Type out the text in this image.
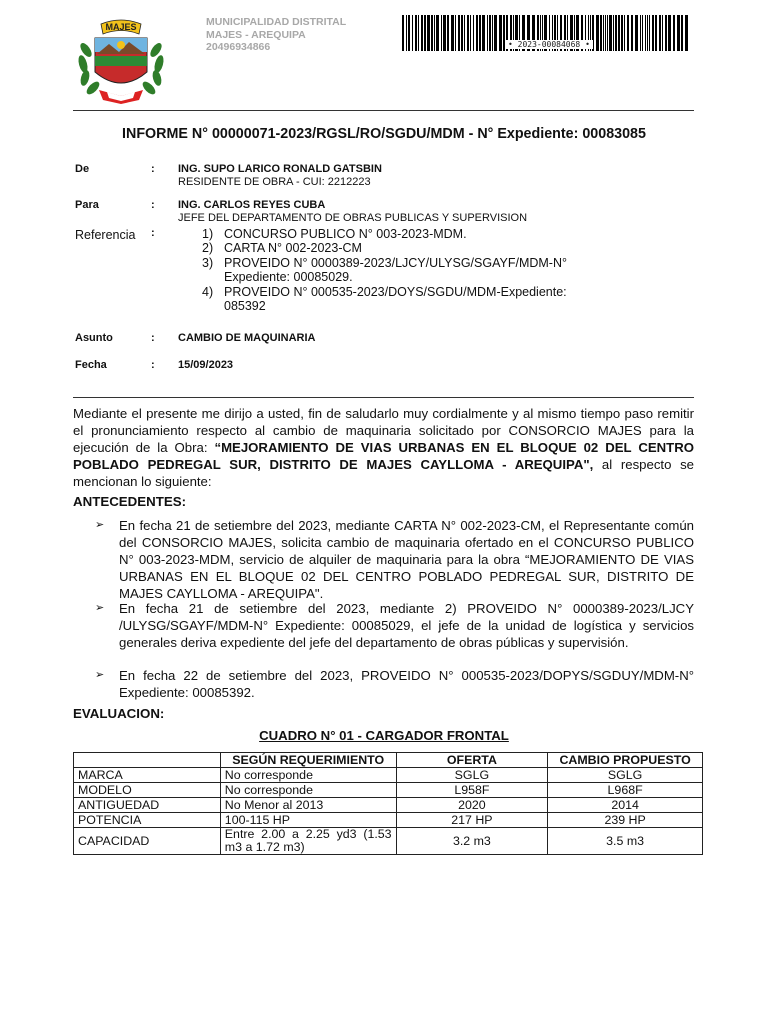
MAJES	MUNICIPALIDAD DISTRITAL
MAJES - AREQUIPA
20496934866	• 2023-00084068 •
INFORME N° 00000071-2023/RGSL/RO/SGDU/MDM - N° Expediente: 00083085
De	: ING. SUPO LARICO RONALD GATSBIN
RESIDENTE DE OBRA - CUI: 2212223
Para	: ING. CARLOS REYES CUBA
JEFE DEL DEPARTAMENTO DE OBRAS PUBLICAS Y SUPERVISION
Referencia :	1) CONCURSO PUBLICO N° 003-2023-MDM.
2) CARTA N° 002-2023-CM
3) PROVEIDO N° 0000389-2023/LJCY/ULYSG/SGAYF/MDM-N°
Expediente: 00085029.
4) PROVEIDO N° 000535-2023/DOYS/SGDU/MDM-Expediente:
085392
Asunto	: CAMBIO DE MAQUINARIA
Fecha	: 15/09/2023

Mediante el presente me dirijo a usted, fin de saludarlo muy cordialmente y al mismo tiempo paso remitir el pronunciamiento respecto al cambio de maquinaria solicitado por CONSORCIO MAJES para la ejecución de la Obra: “MEJORAMIENTO DE VIAS URBANAS EN EL BLOQUE 02 DEL CENTRO POBLADO PEDREGAL SUR, DISTRITO DE MAJES CAYLLOMA - AREQUIPA", al respecto se mencionan lo siguiente:

ANTECEDENTES:
➢ En fecha 21 de setiembre del 2023, mediante CARTA N° 002-2023-CM, el Representante común del CONSORCIO MAJES, solicita cambio de maquinaria ofertado en el CONCURSO PUBLICO N° 003-2023-MDM, servicio de alquiler de maquinaria para la obra “MEJORAMIENTO DE VIAS URBANAS EN EL BLOQUE 02 DEL CENTRO POBLADO PEDREGAL SUR, DISTRITO DE MAJES CAYLLOMA - AREQUIPA".
➢ En fecha 21 de setiembre del 2023, mediante 2) PROVEIDO N° 0000389-2023/LJCY /ULYSG/SGAYF/MDM-N° Expediente: 00085029, el jefe de la unidad de logística y servicios generales deriva expediente del jefe del departamento de obras públicas y supervisión.
➢ En fecha 22 de setiembre del 2023, PROVEIDO N° 000535-2023/DOPYS/SGDUY/MDM-N° Expediente: 00085392.
EVALUACION:
CUADRO N° 01 - CARGADOR FRONTAL
	SEGÚN REQUERIMIENTO	OFERTA	CAMBIO PROPUESTO
MARCA	No corresponde	SGLG	SGLG
MODELO	No corresponde	L958F	L968F
ANTIGUEDAD	No Menor al 2013	2020	2014
POTENCIA	100-115 HP	217 HP	239 HP
CAPACIDAD	Entre 2.00 a 2.25 yd3 (1.53 m3 a 1.72 m3)	3.2 m3	3.5 m3
